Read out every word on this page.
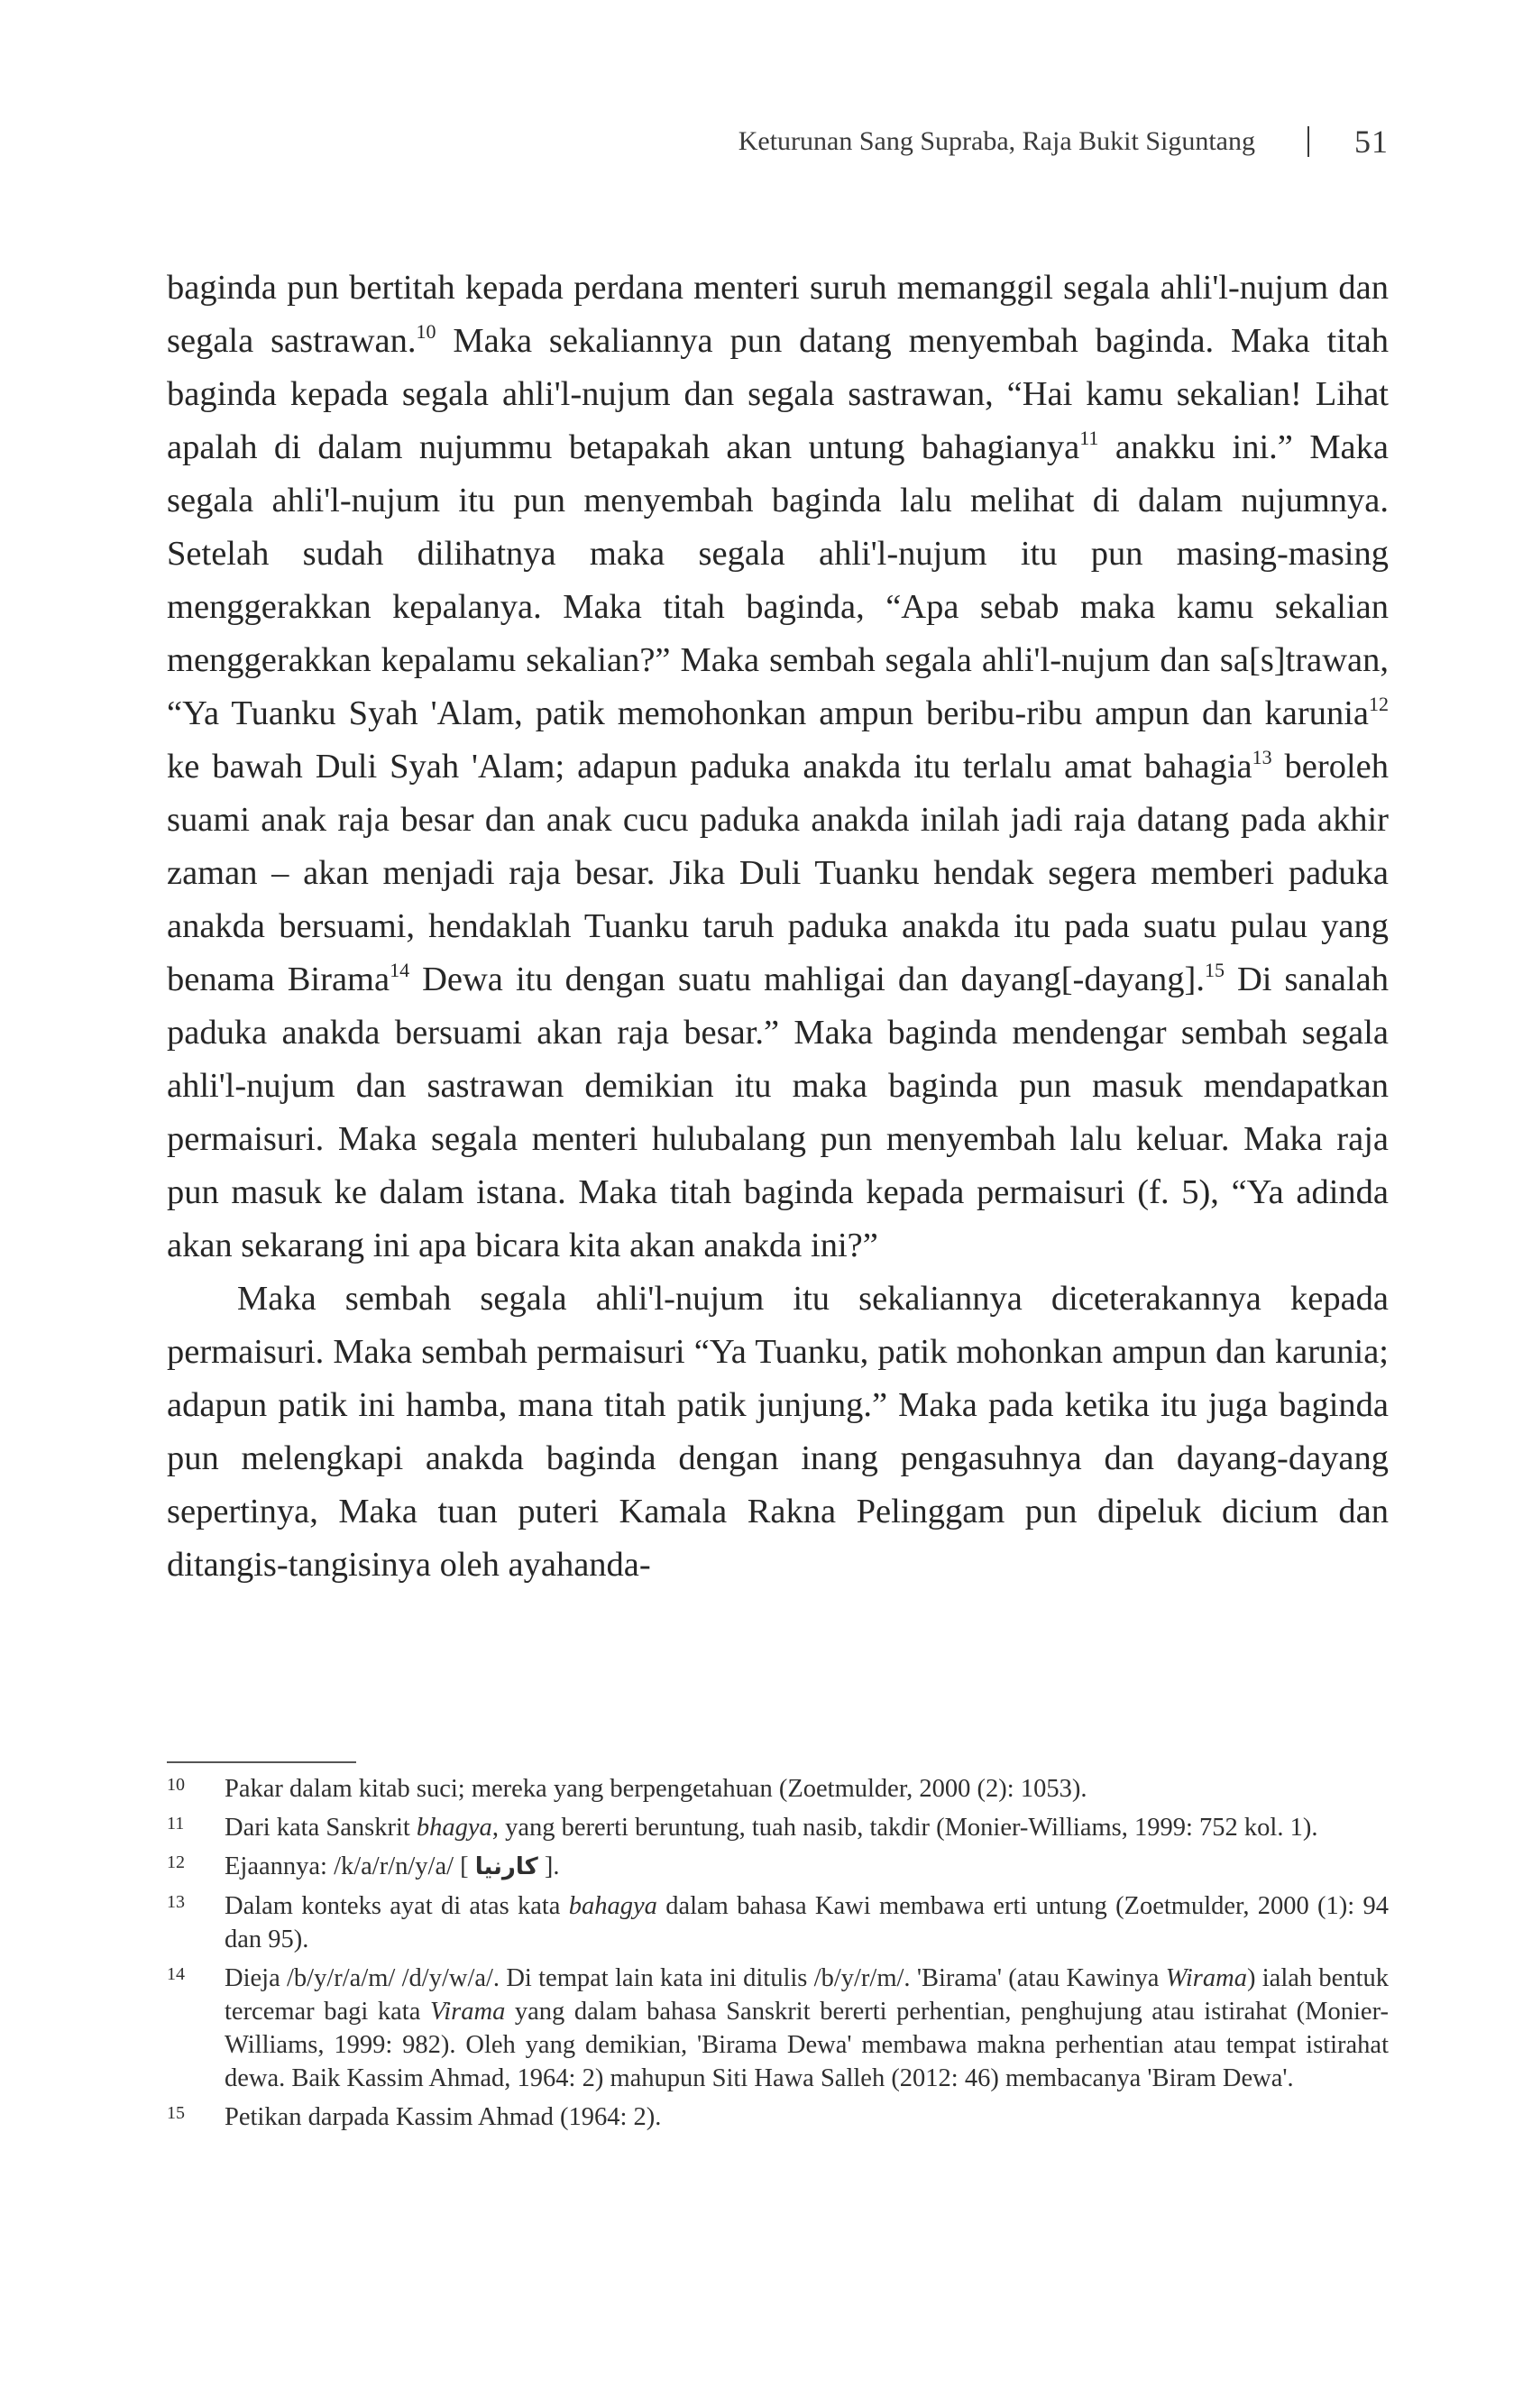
Keturunan Sang Supraba, Raja Bukit Siguntang	51

baginda pun bertitah kepada perdana menteri suruh memanggil segala ahli'l-nujum dan segala sastrawan.$^{10}$ Maka sekaliannya pun datang menyembah baginda. Maka titah baginda kepada segala ahli'l-nujum dan segala sastrawan, “Hai kamu sekalian! Lihat apalah di dalam nujummu betapakah akan untung bahagianya$^{11}$ anakku ini.” Maka segala ahli'l-nujum itu pun menyembah baginda lalu melihat di dalam nujumnya. Setelah sudah dilihatnya maka segala ahli'l-nujum itu pun masing-masing menggerakkan kepalanya. Maka titah baginda, “Apa sebab maka kamu sekalian menggerakkan kepalamu sekalian?” Maka sembah segala ahli'l-nujum dan sa[s]trawan, “Ya Tuanku Syah 'Alam, patik memohonkan ampun beribu-ribu ampun dan karunia$^{12}$ ke bawah Duli Syah 'Alam; adapun paduka anakda itu terlalu amat bahagia$^{13}$ beroleh suami anak raja besar dan anak cucu paduka anakda inilah jadi raja datang pada akhir zaman – akan menjadi raja besar. Jika Duli Tuanku hendak segera memberi paduka anakda bersuami, hendaklah Tuanku taruh paduka anakda itu pada suatu pulau yang benama Birama$^{14}$ Dewa itu dengan suatu mahligai dan dayang[-dayang].$^{15}$ Di sanalah paduka anakda bersuami akan raja besar.” Maka baginda mendengar sembah segala ahli'l-nujum dan sastrawan demikian itu maka baginda pun masuk mendapatkan permaisuri. Maka segala menteri hulubalang pun menyembah lalu keluar. Maka raja pun masuk ke dalam istana. Maka titah baginda kepada permaisuri (f. 5), “Ya adinda akan sekarang ini apa bicara kita akan anakda ini?”

Maka sembah segala ahli'l-nujum itu sekaliannya diceterakannya kepada permaisuri. Maka sembah permaisuri “Ya Tuanku, patik mohonkan ampun dan karunia; adapun patik ini hamba, mana titah patik junjung.” Maka pada ketika itu juga baginda pun melengkapi anakda baginda dengan inang pengasuhnya dan dayang-dayang sepertinya, Maka tuan puteri Kamala Rakna Pelinggam pun dipeluk dicium dan ditangis-tangisinya oleh ayahanda-

10 Pakar dalam kitab suci; mereka yang berpengetahuan (Zoetmulder, 2000 (2): 1053).
11 Dari kata Sanskrit bhagya, yang bererti beruntung, tuah nasib, takdir (Monier-Williams, 1999: 752 kol. 1).
12 Ejaannya: /k/a/r/n/y/a/ [ كارنيا ].
13 Dalam konteks ayat di atas kata bahagya dalam bahasa Kawi membawa erti untung (Zoetmulder, 2000 (1): 94 dan 95).
14 Dieja /b/y/r/a/m/ /d/y/w/a/. Di tempat lain kata ini ditulis /b/y/r/m/. 'Birama' (atau Kawinya Wirama) ialah bentuk tercemar bagi kata Virama yang dalam bahasa Sanskrit bererti perhentian, penghujung atau istirahat (Monier-Williams, 1999: 982). Oleh yang demikian, 'Birama Dewa' membawa makna perhentian atau tempat istirahat dewa. Baik Kassim Ahmad, 1964: 2) mahupun Siti Hawa Salleh (2012: 46) membacanya 'Biram Dewa'.
15 Petikan darpada Kassim Ahmad (1964: 2).
